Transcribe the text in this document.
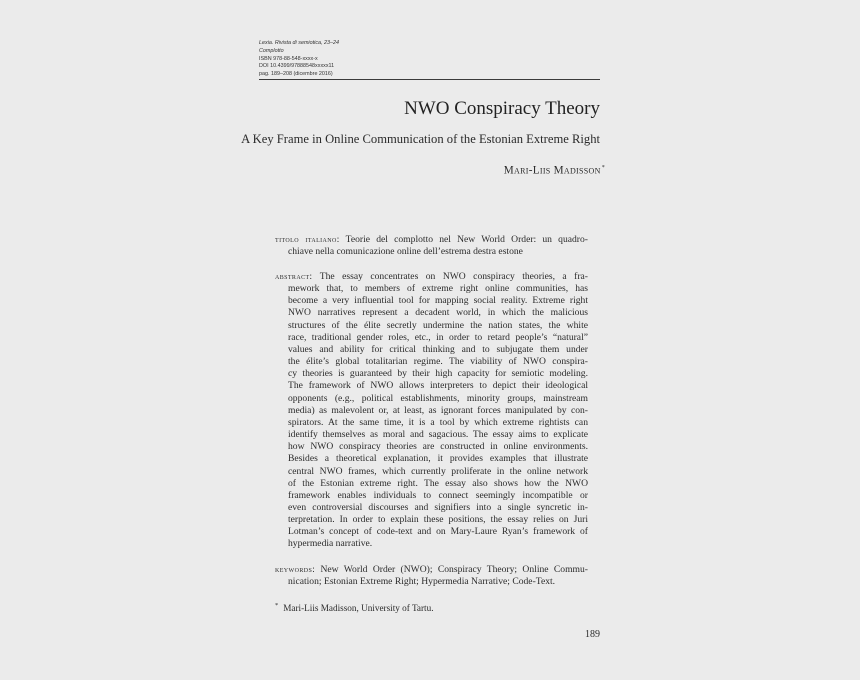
Lexia. Rivista di semiotica, 23–24
Complotto
ISBN 978-88-548-xxxx-x
DOI 10.4399/97888548xxxxx11
pag. 189–208 (dicembre 2016)
NWO Conspiracy Theory
A Key Frame in Online Communication of the Estonian Extreme Right
Mari-Liis Madisson*
titolo italiano: Teorie del complotto nel New World Order: un quadro-
chiave nella comunicazione online dell’estrema destra estone
abstract: The essay concentrates on NWO conspiracy theories, a fra-
mework that, to members of extreme right online communities, has
become a very influential tool for mapping social reality. Extreme right
NWO narratives represent a decadent world, in which the malicious
structures of the élite secretly undermine the nation states, the white
race, traditional gender roles, etc., in order to retard people’s “natural”
values and ability for critical thinking and to subjugate them under
the élite’s global totalitarian regime. The viability of NWO conspira-
cy theories is guaranteed by their high capacity for semiotic modeling.
The framework of NWO allows interpreters to depict their ideological
opponents (e.g., political establishments, minority groups, mainstream
media) as malevolent or, at least, as ignorant forces manipulated by con-
spirators. At the same time, it is a tool by which extreme rightists can
identify themselves as moral and sagacious. The essay aims to explicate
how NWO conspiracy theories are constructed in online environments.
Besides a theoretical explanation, it provides examples that illustrate
central NWO frames, which currently proliferate in the online network
of the Estonian extreme right. The essay also shows how the NWO
framework enables individuals to connect seemingly incompatible or
even controversial discourses and signifiers into a single syncretic in-
terpretation. In order to explain these positions, the essay relies on Juri
Lotman’s concept of code-text and on Mary-Laure Ryan’s framework of
hypermedia narrative.
keywords: New World Order (NWO); Conspiracy Theory; Online Commu-
nication; Estonian Extreme Right; Hypermedia Narrative; Code-Text.
* Mari-Liis Madisson, University of Tartu.
189
